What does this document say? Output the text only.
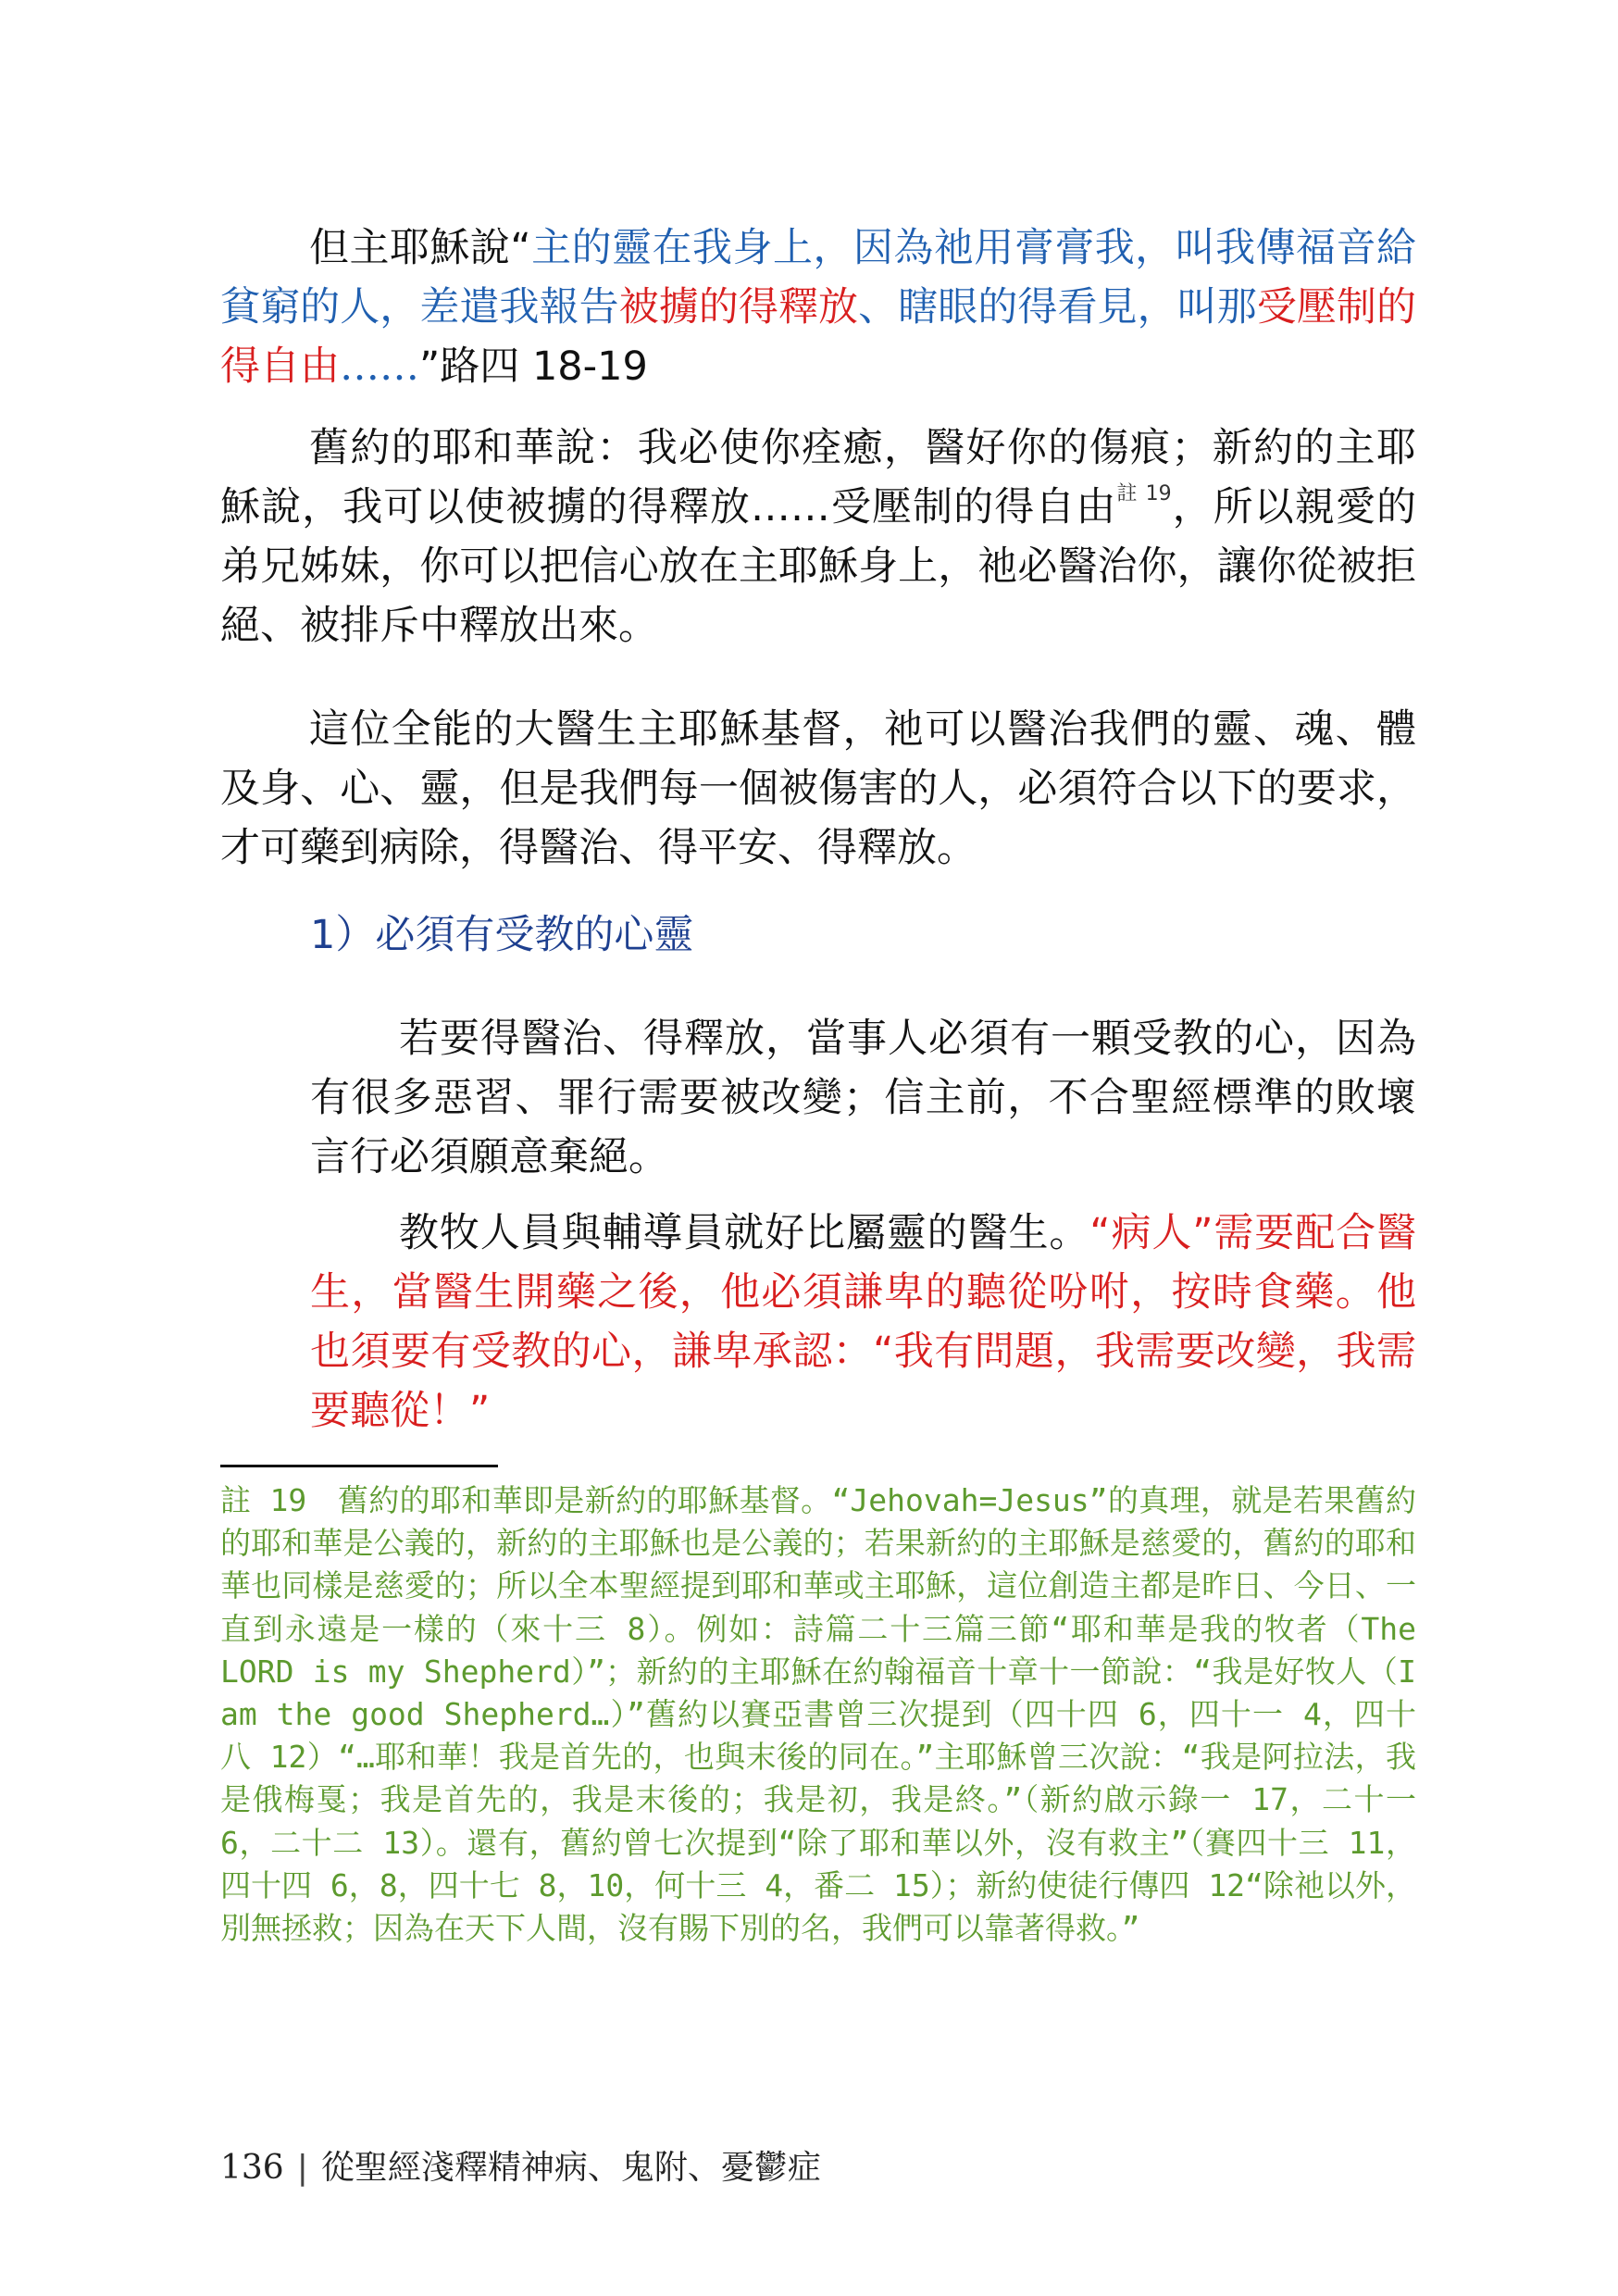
但主耶穌說“主的靈在我身上，因為祂用膏膏我，叫我傳福音給貧窮的人，差遣我報告被擄的得釋放、瞎眼的得看見，叫那受壓制的得自由……”路四 18-19

舊約的耶和華說：我必使你痊癒，醫好你的傷痕；新約的主耶穌說，我可以使被擄的得釋放……受壓制的得自由$^{註 19}$，所以親愛的弟兄姊妹，你可以把信心放在主耶穌身上，祂必醫治你，讓你從被拒絕、被排斥中釋放出來。

這位全能的大醫生主耶穌基督，祂可以醫治我們的靈、魂、體及身、心、靈，但是我們每一個被傷害的人，必須符合以下的要求，才可藥到病除，得醫治、得平安、得釋放。

1）必須有受教的心靈

若要得醫治、得釋放，當事人必須有一顆受教的心，因為有很多惡習、罪行需要被改變；信主前，不合聖經標準的敗壞言行必須願意棄絕。

教牧人員與輔導員就好比屬靈的醫生。“病人”需要配合醫生，當醫生開藥之後，他必須謙卑的聽從吩咐，按時食藥。他也須要有受教的心，謙卑承認：“我有問題，我需要改變，我需要聽從！”

註 19　舊約的耶和華即是新約的耶穌基督。“Jehovah=Jesus”的真理，就是若果舊約的耶和華是公義的，新約的主耶穌也是公義的；若果新約的主耶穌是慈愛的，舊約的耶和華也同樣是慈愛的；所以全本聖經提到耶和華或主耶穌，這位創造主都是昨日、今日、一直到永遠是一樣的（來十三 8）。例如：詩篇二十三篇三節“耶和華是我的牧者（The LORD is my Shepherd）”；新約的主耶穌在約翰福音十章十一節說：“我是好牧人（I am the good Shepherd…）”舊約以賽亞書曾三次提到（四十四 6，四十一 4，四十八 12）“…耶和華！我是首先的，也與末後的同在。”主耶穌曾三次說：“我是阿拉法，我是俄梅戛；我是首先的，我是末後的；我是初，我是終。”（新約啟示錄一 17，二十一 6，二十二 13）。還有，舊約曾七次提到“除了耶和華以外，沒有救主”（賽四十三 11，四十四 6，8，四十七 8，10，何十三 4，番二 15）；新約使徒行傳四 12“除祂以外，別無拯救；因為在天下人間，沒有賜下別的名，我們可以靠著得救。”

136 | 從聖經淺釋精神病、鬼附、憂鬱症
